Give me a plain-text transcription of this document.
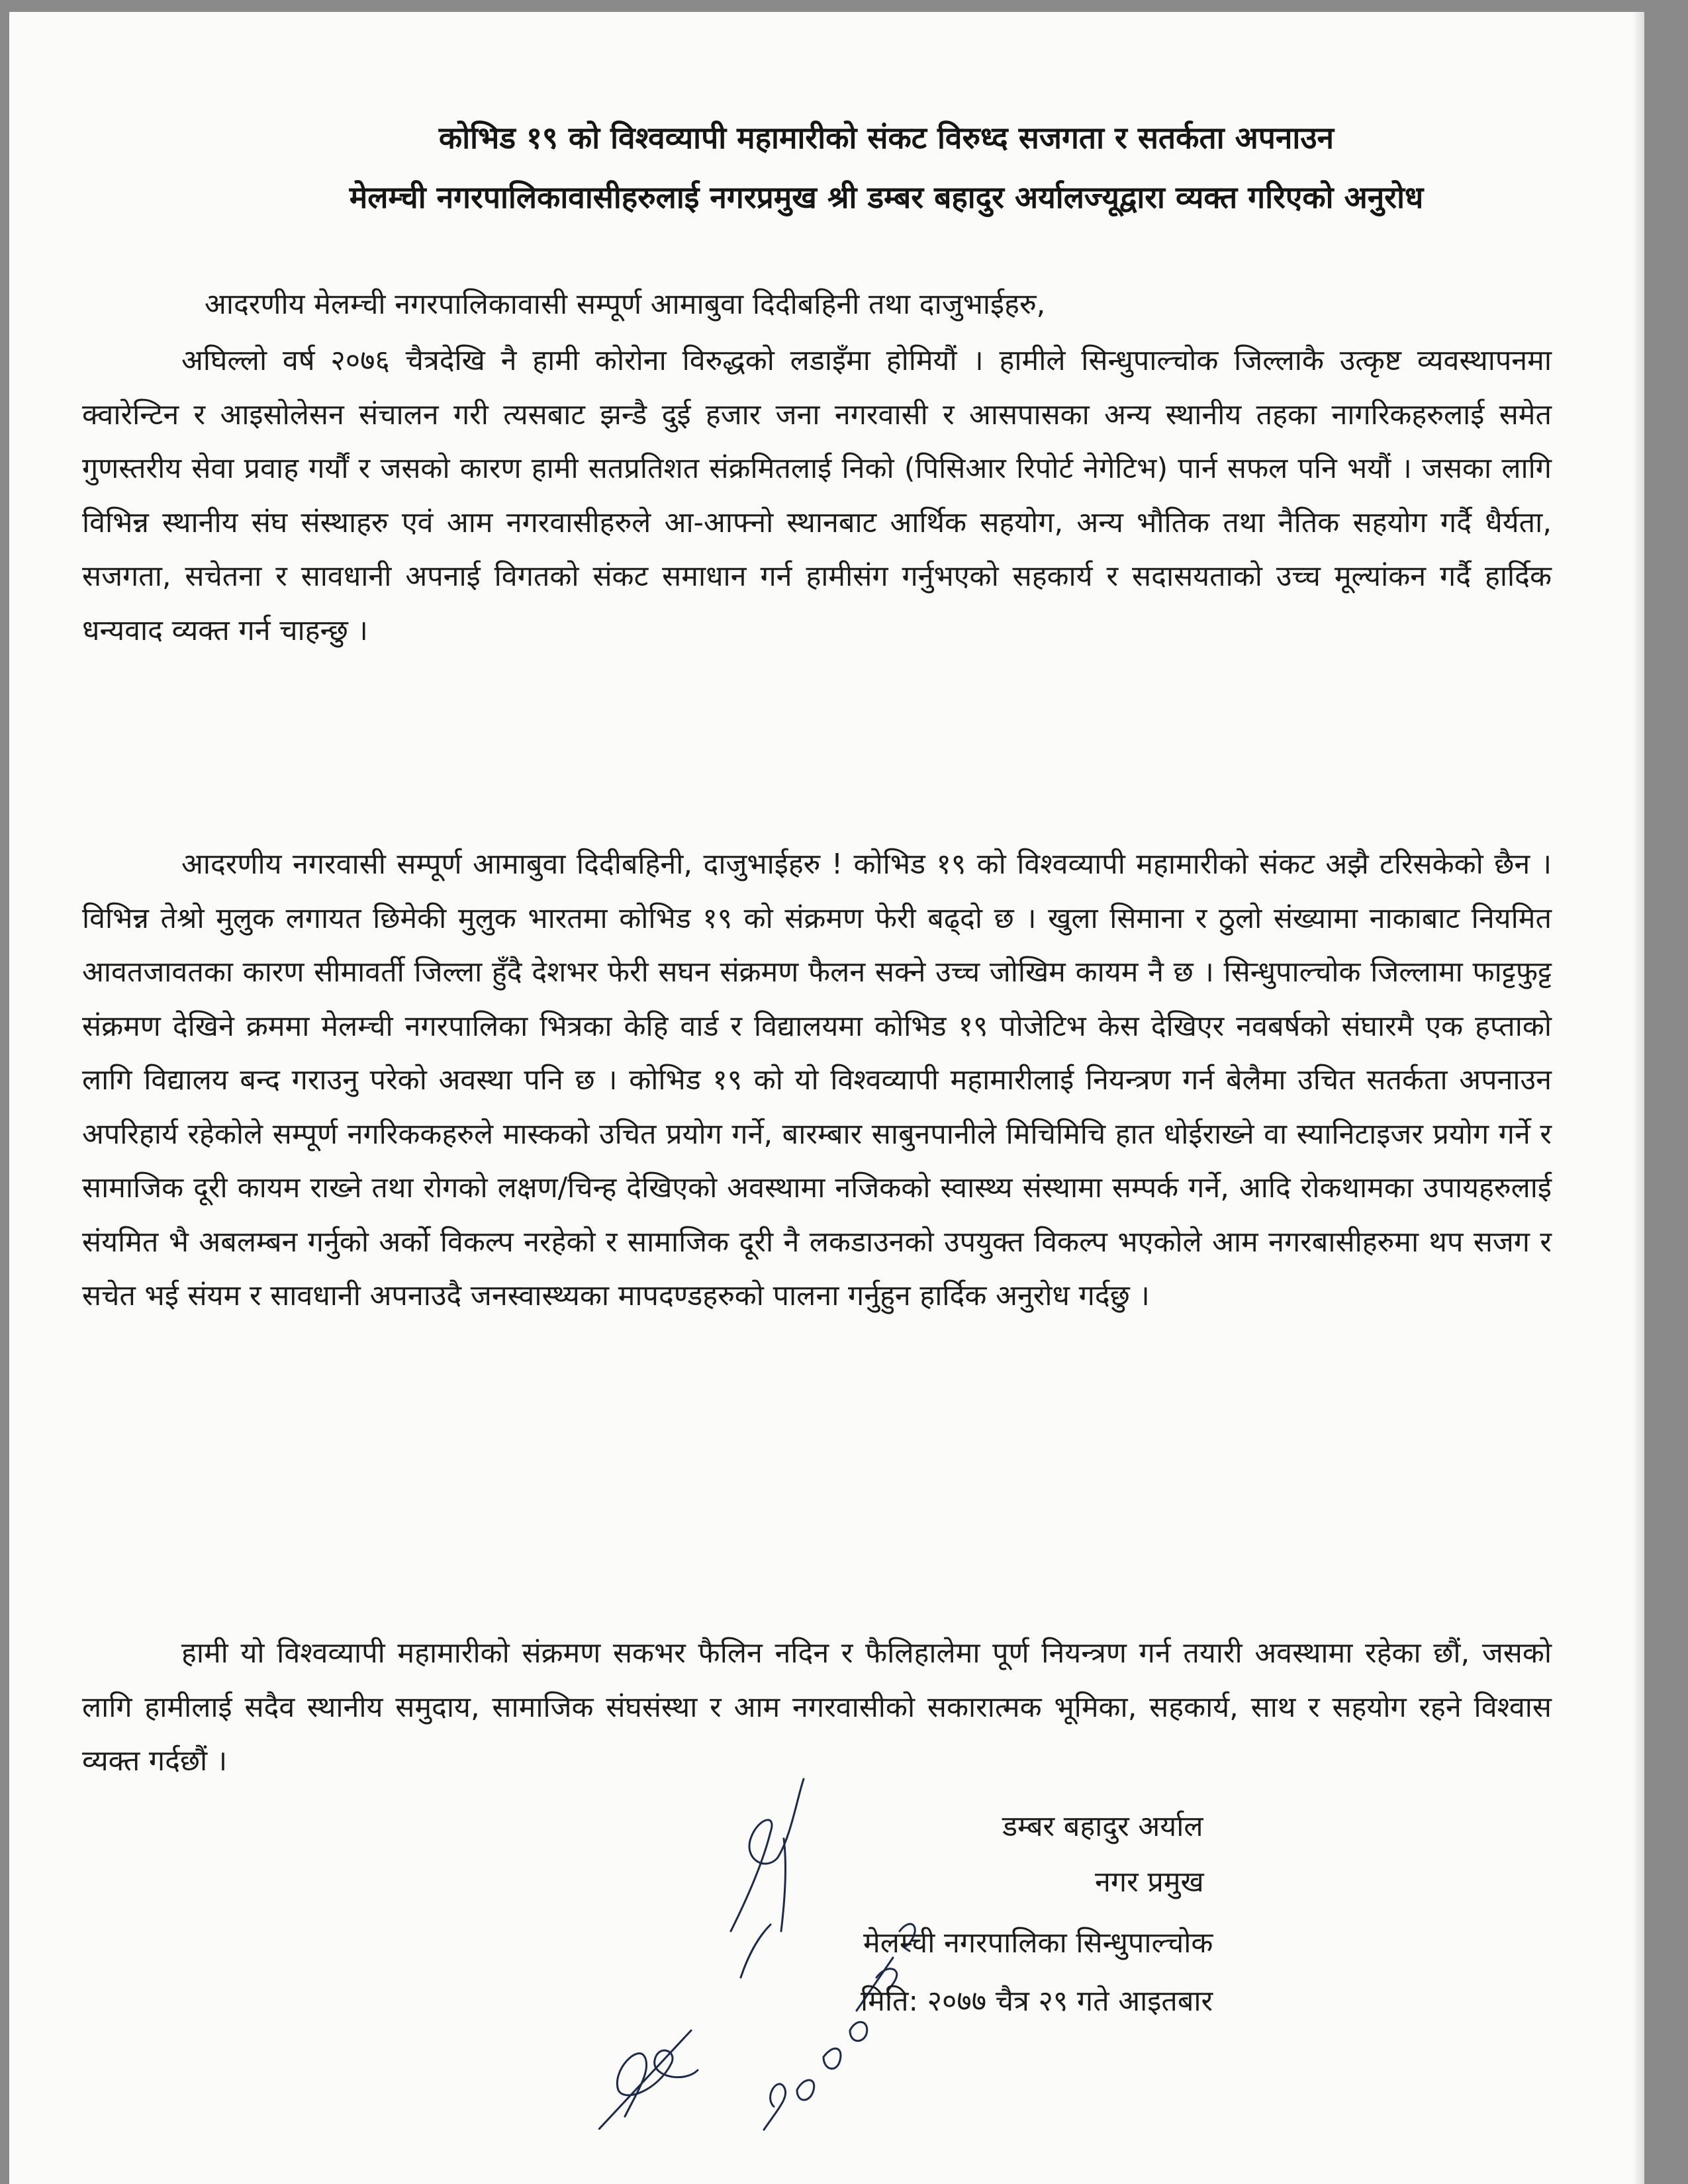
कोभिड १९ को विश्वव्यापी महामारीको संकट विरुध्द सजगता र सतर्कता अपनाउन
मेलम्ची नगरपालिकावासीहरुलाई नगरप्रमुख श्री डम्बर बहादुर अर्यालज्यूद्वारा व्यक्त गरिएको अनुरोध
आदरणीय मेलम्ची नगरपालिकावासी सम्पूर्ण आमाबुवा दिदीबहिनी तथा दाजुभाईहरु,
अघिल्लो वर्ष २०७६ चैत्रदेखि नै हामी कोरोना विरुद्धको लडाइँमा होमियौं । हामीले सिन्धुपाल्चोक जिल्लाकै उत्कृष्ट व्यवस्थापनमा क्वारेन्टिन र आइसोलेसन संचालन गरी त्यसबाट झन्डै दुई हजार जना नगरवासी र आसपासका अन्य स्थानीय तहका नागरिकहरुलाई समेत गुणस्तरीय सेवा प्रवाह गर्यौं र जसको कारण हामी सतप्रतिशत संक्रमितलाई निको (पिसिआर रिपोर्ट नेगेटिभ) पार्न सफल पनि भयौं । जसका लागि विभिन्न स्थानीय संघ संस्थाहरु एवं आम नगरवासीहरुले आ-आफ्नो स्थानबाट आर्थिक सहयोग, अन्य भौतिक तथा नैतिक सहयोग गर्दै धैर्यता, सजगता, सचेतना र सावधानी अपनाई विगतको संकट समाधान गर्न हामीसंग गर्नुभएको सहकार्य र सदासयताको उच्च मूल्यांकन गर्दै हार्दिक धन्यवाद व्यक्त गर्न चाहन्छु ।
आदरणीय नगरवासी सम्पूर्ण आमाबुवा दिदीबहिनी, दाजुभाईहरु ! कोभिड १९ को विश्वव्यापी महामारीको संकट अझै टरिसकेको छैन । विभिन्न तेश्रो मुलुक लगायत छिमेकी मुलुक भारतमा कोभिड १९ को संक्रमण फेरी बढ्दो छ । खुला सिमाना र ठुलो संख्यामा नाकाबाट नियमित आवतजावतका कारण सीमावर्ती जिल्ला हुँदै देशभर फेरी सघन संक्रमण फैलन सक्ने उच्च जोखिम कायम नै छ । सिन्धुपाल्चोक जिल्लामा फाट्टफुट्ट संक्रमण देखिने क्रममा मेलम्ची नगरपालिका भित्रका केहि वार्ड र विद्यालयमा कोभिड १९ पोजेटिभ केस देखिएर नवबर्षको संघारमै एक हप्ताको लागि विद्यालय बन्द गराउनु परेको अवस्था पनि छ । कोभिड १९ को यो विश्वव्यापी महामारीलाई नियन्त्रण गर्न बेलैमा उचित सतर्कता अपनाउन अपरिहार्य रहेकोले सम्पूर्ण नगरिककहरुले मास्कको उचित प्रयोग गर्ने, बारम्बार साबुनपानीले मिचिमिचि हात धोईराख्ने वा स्यानिटाइजर प्रयोग गर्ने र सामाजिक दूरी कायम राख्ने तथा रोगको लक्षण/चिन्ह देखिएको अवस्थामा नजिकको स्वास्थ्य संस्थामा सम्पर्क गर्ने, आदि रोकथामका उपायहरुलाई संयमित भै अबलम्बन गर्नुको अर्को विकल्प नरहेको र सामाजिक दूरी नै लकडाउनको उपयुक्त विकल्प भएकोले आम नगरबासीहरुमा थप सजग र सचेत भई संयम र सावधानी अपनाउदै जनस्वास्थ्यका मापदण्डहरुको पालना गर्नुहुन हार्दिक अनुरोध गर्दछु ।
हामी यो विश्वव्यापी महामारीको संक्रमण सकभर फैलिन नदिन र फैलिहालेमा पूर्ण नियन्त्रण गर्न तयारी अवस्थामा रहेका छौं, जसको लागि हामीलाई सदैव स्थानीय समुदाय, सामाजिक संघसंस्था र आम नगरवासीको सकारात्मक भूमिका, सहकार्य, साथ र सहयोग रहने विश्वास व्यक्त गर्दछौं ।
डम्बर बहादुर अर्याल
नगर प्रमुख
मेलम्ची नगरपालिका सिन्धुपाल्चोक
मिति: २०७७ चैत्र २९ गते आइतबार
